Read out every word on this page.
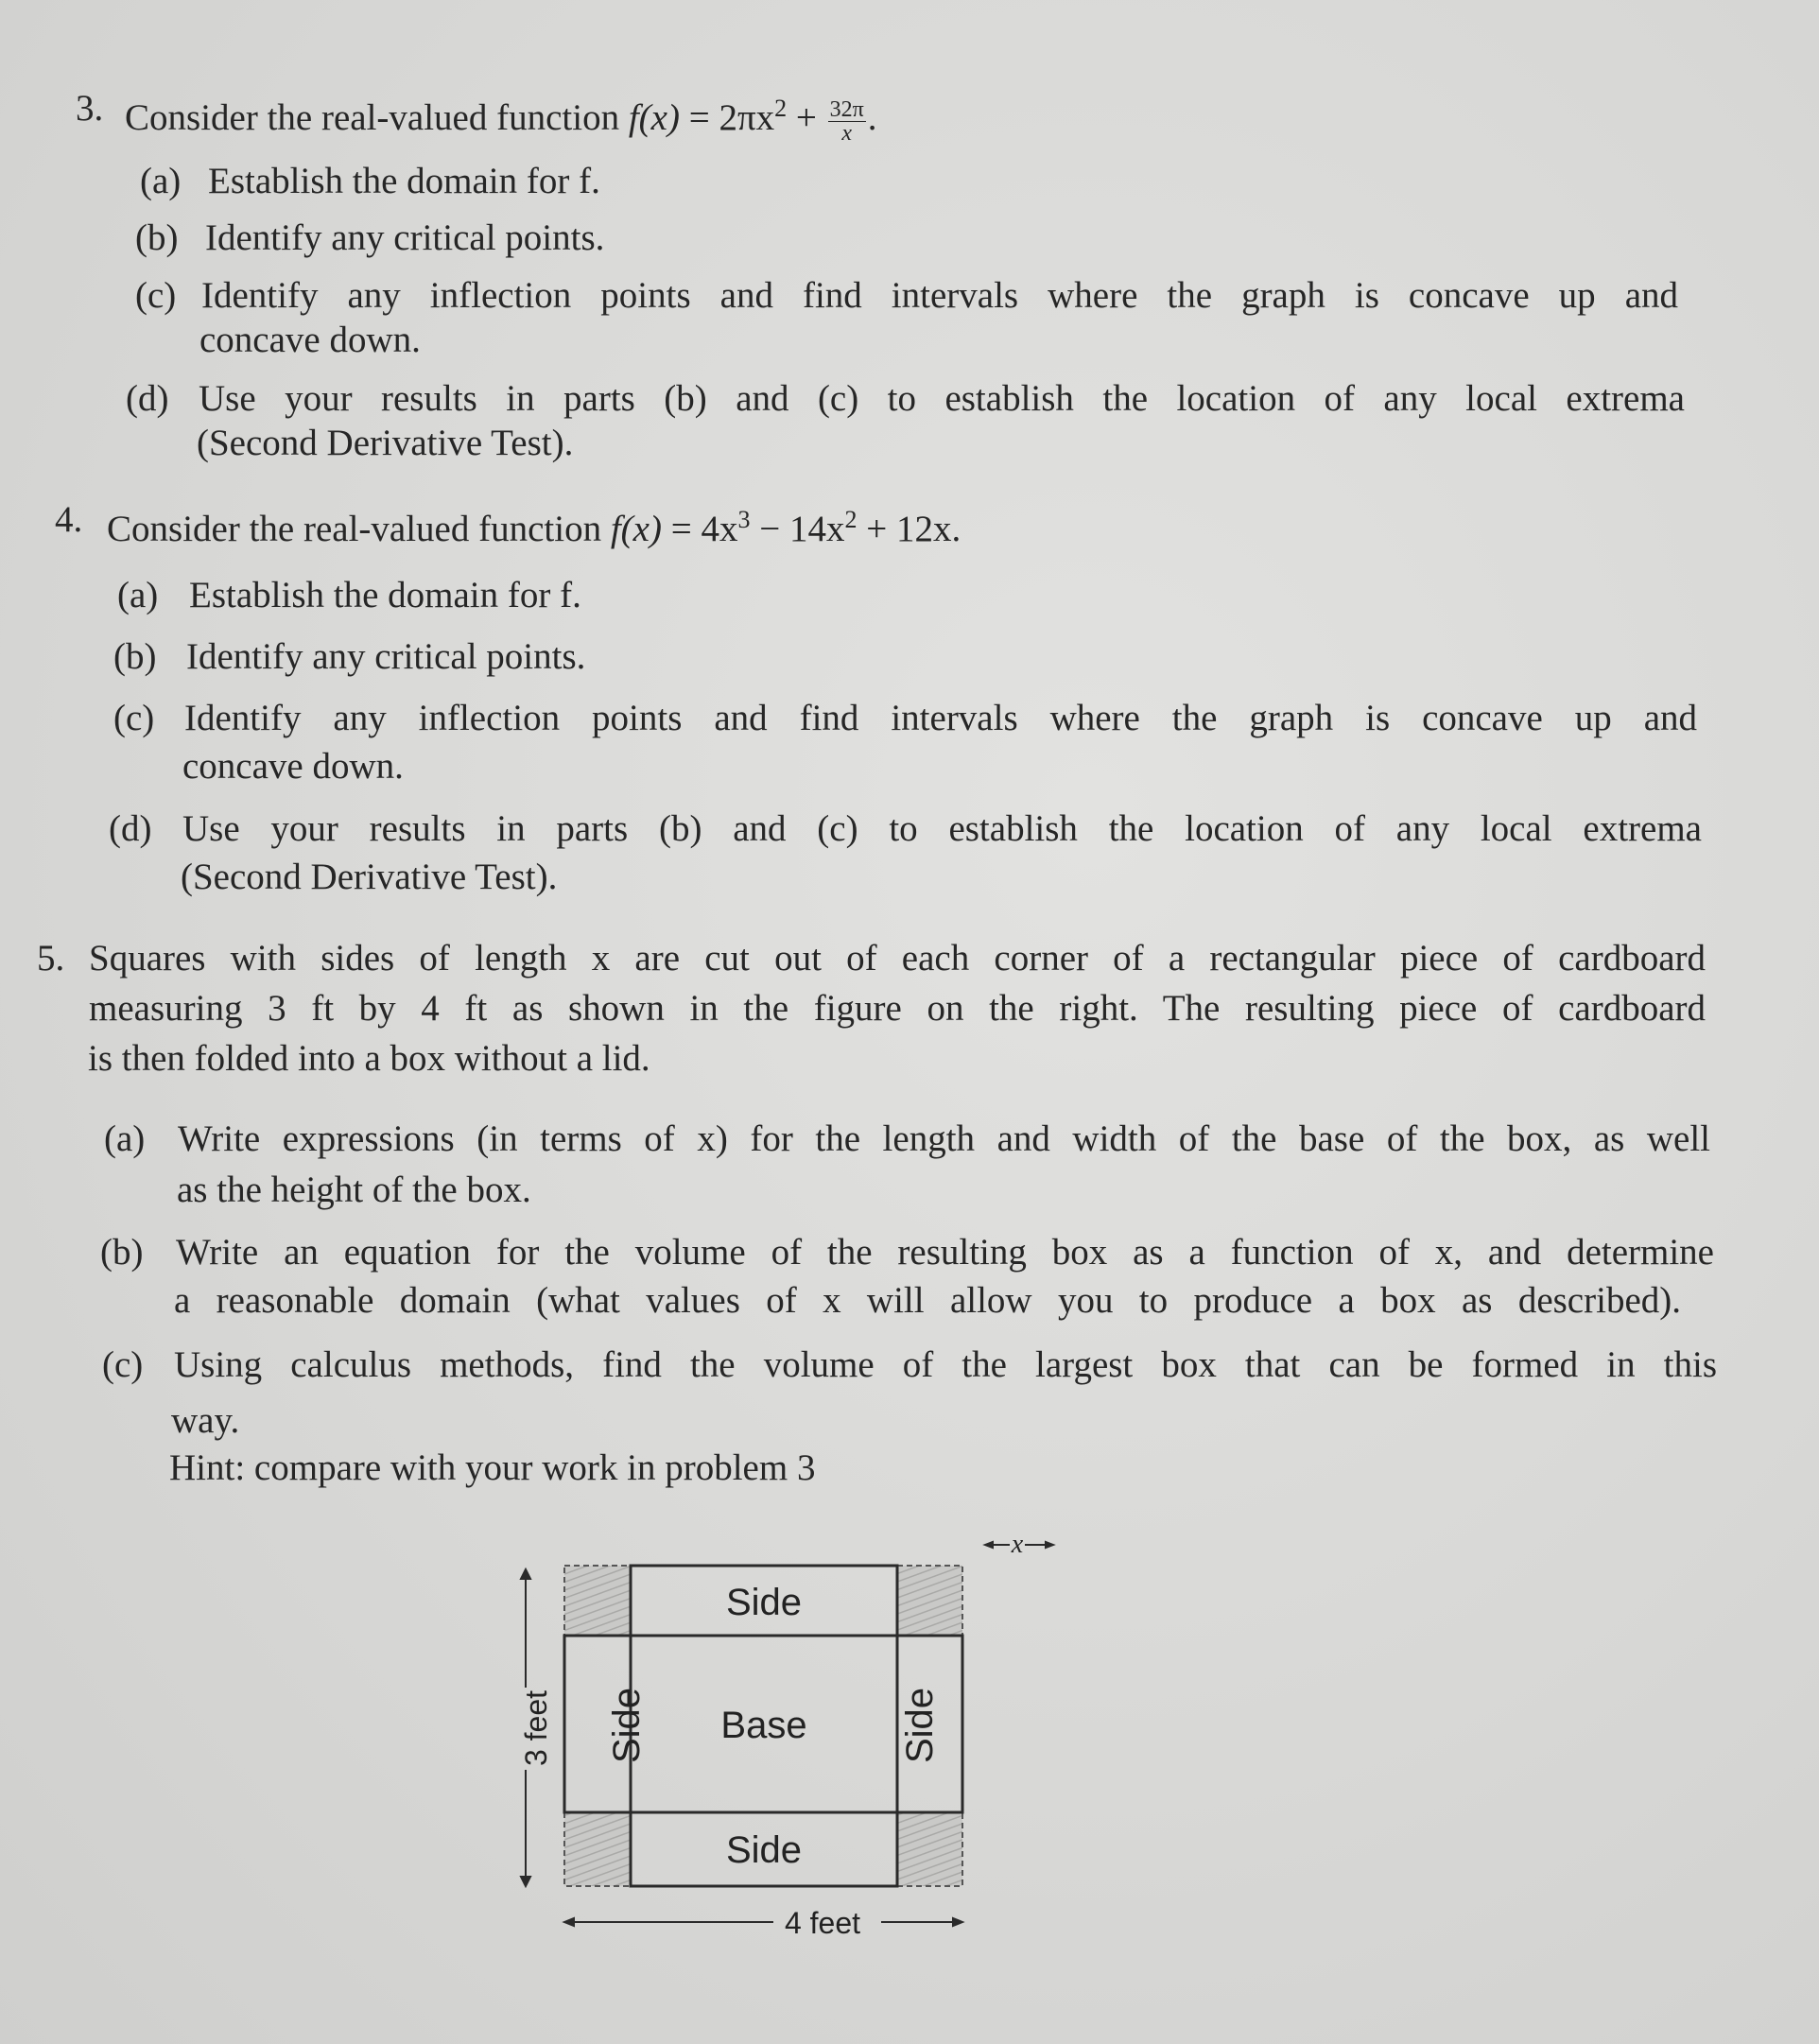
3. Consider the real-valued function $f(x) = 2\pi x^2 + \frac{32\pi}{x}$ .
(a) Establish the domain for f.
(b) Identify any critical points.
(c) Identify any inflection points and find intervals where the graph is concave up and
concave down.
(d) Use your results in parts (b) and (c) to establish the location of any local extrema
(Second Derivative Test).
4. Consider the real-valued function $f(x) = 4x^3 - 14x^2 + 12x$.
(a) Establish the domain for f.
(b) Identify any critical points.
(c) Identify any inflection points and find intervals where the graph is concave up and
concave down.
(d) Use your results in parts (b) and (c) to establish the location of any local extrema
(Second Derivative Test).
5. Squares with sides of length x are cut out of each corner of a rectangular piece of cardboard
measuring 3 ft by 4 ft as shown in the figure on the right. The resulting piece of cardboard
is then folded into a box without a lid.
(a) Write expressions (in terms of x) for the length and width of the base of the box, as well
as the height of the box.
(b) Write an equation for the volume of the resulting box as a function of x, and determine
a reasonable domain (what values of x will allow you to produce a box as described).
(c) Using calculus methods, find the volume of the largest box that can be formed in this
way.
Hint: compare with your work in problem 3
Side
Base
Side
Side	Side
3 feet
4 feet
x
